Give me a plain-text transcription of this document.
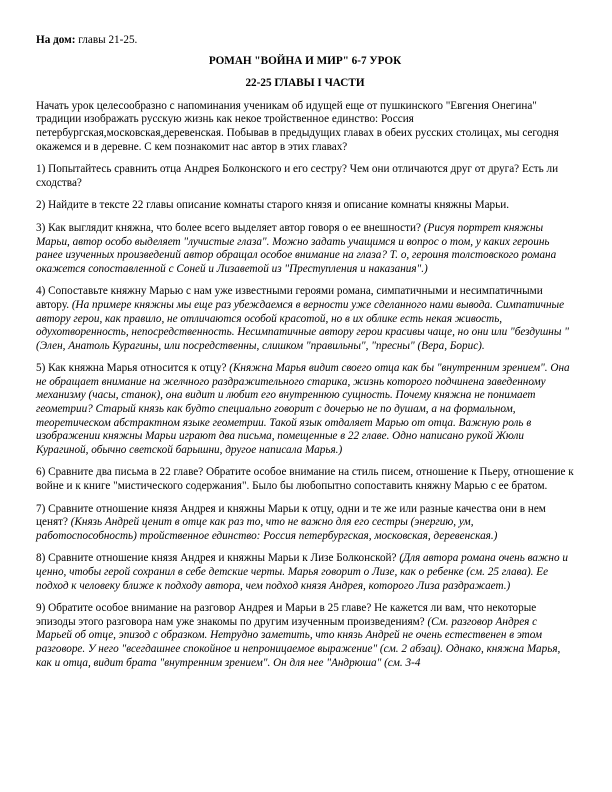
На дом: главы 21-25.
РОМАН "ВОЙНА И МИР" 6-7 УРОК
22-25 ГЛАВЫ I ЧАСТИ

Начать урок целесообразно с напоминания ученикам об идущей еще от пушкинского "Евгения Онегина" традиции изображать русскую жизнь как некое тройственное единство: Россия петербургская,московская,деревенская. Побывав в предыдущих главах в обеих русских столицах, мы сегодня окажемся и в деревне. С кем познакомит нас автор в этих главах?

1) Попытайтесь сравнить отца Андрея Болконского и его сестру? Чем они отличаются друг от друга? Есть ли сходства?

2) Найдите в тексте 22 главы описание комнаты старого князя и описание комнаты княжны Марьи.

3) Как выглядит княжна, что более всего выделяет автор говоря о ее внешности? (Рисуя портрет княжны Марьи, автор особо выделяет "лучистые глаза". Можно задать учащимся и вопрос о том, у каких героинь ранее изученных произведений автор обращал особое внимание на глаза? Т. о, героиня толстовского романа окажется сопоставленной с Соней и Лизаветой из "Преступления и наказания".)

4) Сопоставьте княжну Марью с нам уже известными героями романа, симпатичными и несимпатичными автору. (На примере княжны мы еще раз убеждаемся в верности уже сделанного нами вывода. Симпатичные автору герои, как правило, не отличаются особой красотой, но в их облике есть некая живость, одухотворенность, непосредственность. Несимпатичные автору герои красивы чаще, но они или "бездушны "(Элен, Анатоль Курагины, или посредственны, слишком "правильны", "пресны" (Вера, Борис).

5) Как княжна Марья относится к отцу? (Княжна Марья видит своего отца как бы "внутренним зрением". Она не обращает внимание на желчного раздражительного старика, жизнь которого подчинена заведенному механизму (часы, станок), она видит и любит его внутреннюю сущность. Почему княжна не понимает геометрии? Старый князь как будто специально говорит с дочерью не по душам, а на формальном, теоретическом абстрактном языке геометрии. Такой язык отдаляет Марью от отца. Важную роль в изображении княжны Марьи играют два письма, помещенные в 22 главе. Одно написано рукой Жюли Курагиной, обычно светской барышни, другое написала Марья.)

6) Сравните два письма в 22 главе? Обратите особое внимание на стиль писем, отношение к Пьеру, отношение к войне и к книге "мистического содержания". Было бы любопытно сопоставить княжну Марью с ее братом.

7) Сравните отношение князя Андрея и княжны Марьи к отцу, одни и те же или разные качества они в нем ценят? (Князь Андрей ценит в отце как раз то, что не важно для его сестры (энергию, ум, работоспособность) тройственное единство: Россия петербургская, московская, деревенская.)

8) Сравните отношение князя Андрея и княжны Марьи к Лизе Болконской? (Для автора романа очень важно и ценно, чтобы герой сохранил в себе детские черты. Марья говорит о Лизе, как о ребенке (см. 25 глава). Ее подход к человеку ближе к подходу автора, чем подход князя Андрея, которого Лиза раздражает.)

9) Обратите особое внимание на разговор Андрея и Марьи в 25 главе? Не кажется ли вам, что некоторые эпизоды этого разговора нам уже знакомы по другим изученным произведениям? (См. разговор Андрея с Марьей об отце, эпизод с образком. Нетрудно заметить, что князь Андрей не очень естественен в этом разговоре. У него "всегдашнее спокойное и непроницаемое выражение" (см. 2 абзац). Однако, княжна Марья, как и отца, видит брата "внутренним зрением". Он для нее "Андрюша" (см. 3-4
